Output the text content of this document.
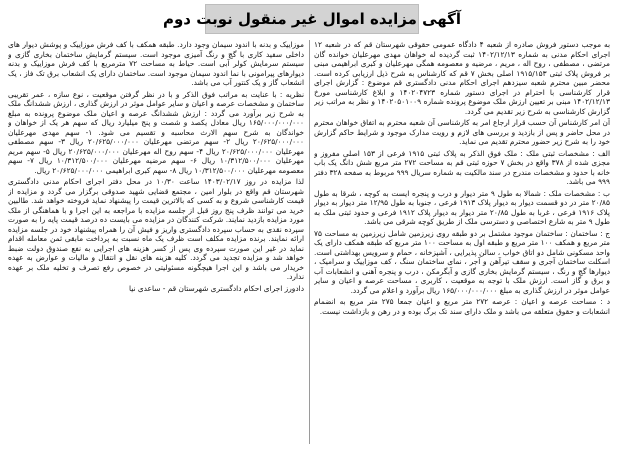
آگهی مزایده اموال غیر منقول نوبت دوم

به موجب دستور فروش صادره از شعبه ۴ دادگاه عمومی حقوقی شهرستان قم که در شعبه ۱۲ اجرای احکام مدنی به شماره ۱۴۰۲/۱۲/۱۳ ثبت گردیده له خواهان مهدی مهرعلیان خوانده گان مرتضی ، مصطفی ، روح اله ، مریم ، مرضیه و معصومه همگی مهرعلیان و کبری ابراهیمی مبنی بر فروش پلاک ثبتی ۱۹۱۵/۱۵۳ اصلی بخش ۷ قم که کارشناس به شرح ذیل ارزیابی کرده است. محضر مبین محترم شعبه سیزدهم اجرای احکام مدنی دادگستری قم موضوع : گزارش اجرای قرار کارشناسی با احترام در اجرای دستور شماره ۱۴۰۲۰۴۷۲۳ و ابلاغ کارشناسی مورخ ۱۴۰۲/۱۲/۱۳ مبنی بر تعیین ارزش ملک موضوع پرونده شماره ۱۴۰۲۰۵۰۱۰۰۹ و نظر به مراتب زیر گزارش کارشناسی به شرح زیر تقدیم می گردد.

آن امر کارشناس آن حسب قرار ارجاع امر به کارشناسی آن شعبه محترم به اتفاق خواهان محترم در محل حاضر و پس از بازدید و بررسی های لازم و رویت مدارک موجود و شرایط حاکم گزارش خود را به شرح زیر حضور محترم تقدیم می نماید.

الف : مشخصات ثبتی ملک : ملک فوق الذکر به پلاک ثبتی ۱۹۱۵ فرعی از ۱۵۳ اصلی مفروز و مجزی شده از ۳۷۸ واقع در بخش ۷ حوزه ثبتی قم به مساحت ۲۷۲ متر مربع شش دانگ یک باب خانه با حدود و مشخصات مندرج در سند مالکیت به شماره سریال ۹۹۹ مربوط به صفحه ۳۲۸ دفتر ۹۹۹ می باشد.

ب : مشخصات ملک : شمالا به طول ۹ متر دیوار و درب و پنجره ایست به کوچه ، شرقا به طول ۲۰/۸۵ متر در دو قسمت دیوار به دیوار پلاک ۱۹۱۳ فرعی ، جنوبا به طول ۱۲/۹۵ متر دیوار به دیوار پلاک ۱۹۱۶ فرعی ، غربا به طول ۲۰/۸۵ متر دیوار به دیوار پلاک ۱۹۱۲ فرعی و حدود ثبتی ملک به طول ۹ متر به شارع اختصاصی و دسترسی ملک از طریق کوچه شرقی می باشد.

ج : ساختمان : ساختمان موجود مشتمل بر دو طبقه روی زیرزمین شامل زیرزمین به مساحت ۷۵ متر مربع و همکف ۱۰۰ متر مربع و طبقه اول به مساحت ۱۰۰ متر مربع که طبقه همکف دارای یک واحد مسکونی شامل دو اتاق خواب ، سالن پذیرایی ، آشپزخانه ، حمام و سرویس بهداشتی است. اسکلت ساختمان آجری و سقف تیرآهن و آجر ، نمای ساختمان سنگ ، کف موزاییک و سرامیک ، دیوارها گچ و رنگ ، سیستم گرمایش بخاری گازی و آبگرمکن ، درب و پنجره آهنی و انشعابات آب و برق و گاز است. ارزش ملک با توجه به موقعیت ، کاربری ، مساحت عرصه و اعیان و سایر عوامل موثر در ارزش گذاری به مبلغ ۱۶۵/۰۰۰/۰۰۰/۰۰۰ ریال برآورد و اعلام می گردد.

د : مساحت عرصه و اعیان : عرصه ۲۷۲ متر مربع و اعیان جمعا ۲۷۵ متر مربع به انضمام انشعابات و حقوق متعلقه می باشد و ملک دارای سند تک برگ بوده و در رهن و بازداشت نیست.

موزاییک و بدنه با اندود سیمان وجود دارد. طبقه همکف با کف فرش موزاییک و پوشش دیوار های داخلی سفید کاری با گچ و رنگ آمیزی موجود است. سیستم گرمایش ساختمان بخاری گازی و سیستم سرمایش کولر آبی است. حیاط به مساحت ۷۲ مترمربع با کف فرش موزاییک و بدنه دیوارهای پیرامونی با نما اندود سیمان موجود است. ساختمان دارای یک انشعاب برق تک فاز ، یک انشعاب گاز و یک کنتور آب می باشد.

نظریه : با عنایت به مراتب فوق الذکر و با در نظر گرفتن موقعیت ، نوع سازه ، عمر تقریبی ساختمان و مشخصات عرصه و اعیان و سایر عوامل موثر در ارزش گذاری ، ارزش ششدانگ ملک به شرح زیر برآورد می گردد : ارزش ششدانگ عرصه و اعیان ملک موضوع پرونده به مبلغ ۱۶۵/۰۰۰/۰۰۰/۰۰۰ ریال معادل یکصد و شصت و پنج میلیارد ریال که سهم هر یک از خواهان و خواندگان به شرح سهم الارث محاسبه و تقسیم می شود. ۱- سهم مهدی مهرعلیان ۲۰/۶۲۵/۰۰۰/۰۰۰ ریال ۲- سهم مرتضی مهرعلیان ۲۰/۶۲۵/۰۰۰/۰۰۰ ریال ۳- سهم مصطفی مهرعلیان ۲۰/۶۲۵/۰۰۰/۰۰۰ ریال ۴- سهم روح اله مهرعلیان ۲۰/۶۲۵/۰۰۰/۰۰۰ ریال ۵- سهم مریم مهرعلیان ۱۰/۳۱۲/۵۰۰/۰۰۰ ریال ۶- سهم مرضیه مهرعلیان ۱۰/۳۱۲/۵۰۰/۰۰۰ ریال ۷- سهم معصومه مهرعلیان ۱۰/۳۱۲/۵۰۰/۰۰۰ ریال ۸- سهم کبری ابراهیمی ۲۰/۶۲۵/۰۰۰/۰۰۰ ریال.

لذا مزایده در روز ۱۴۰۳/۰۲/۱۷ ساعت ۱۰/۳۰ در محل دفتر اجرای احکام مدنی دادگستری شهرستان قم واقع در بلوار امین ، مجتمع قضایی شهید صدوقی برگزار می گردد و مزایده از قیمت کارشناسی شروع و به کسی که بالاترین قیمت را پیشنهاد نماید فروخته خواهد شد. طالبین خرید می توانند ظرف پنج روز قبل از جلسه مزایده با مراجعه به این اجرا و با هماهنگی از ملک مورد مزایده بازدید نمایند. شرکت کنندگان در مزایده می بایست ده درصد قیمت پایه را به صورت سپرده نقدی به حساب سپرده دادگستری واریز و فیش آن را همراه پیشنهاد خود در جلسه مزایده ارائه نمایند. برنده مزایده مکلف است ظرف یک ماه نسبت به پرداخت مابقی ثمن معامله اقدام نماید در غیر این صورت سپرده وی پس از کسر هزینه های اجرایی به نفع صندوق دولت ضبط خواهد شد و مزایده تجدید می گردد. کلیه هزینه های نقل و انتقال و مالیات و عوارض به عهده خریدار می باشد و این اجرا هیچگونه مسئولیتی در خصوص رفع تصرف و تخلیه ملک بر عهده ندارد.

دادورز اجرای احکام دادگستری شهرستان قم - ساعدی نیا
